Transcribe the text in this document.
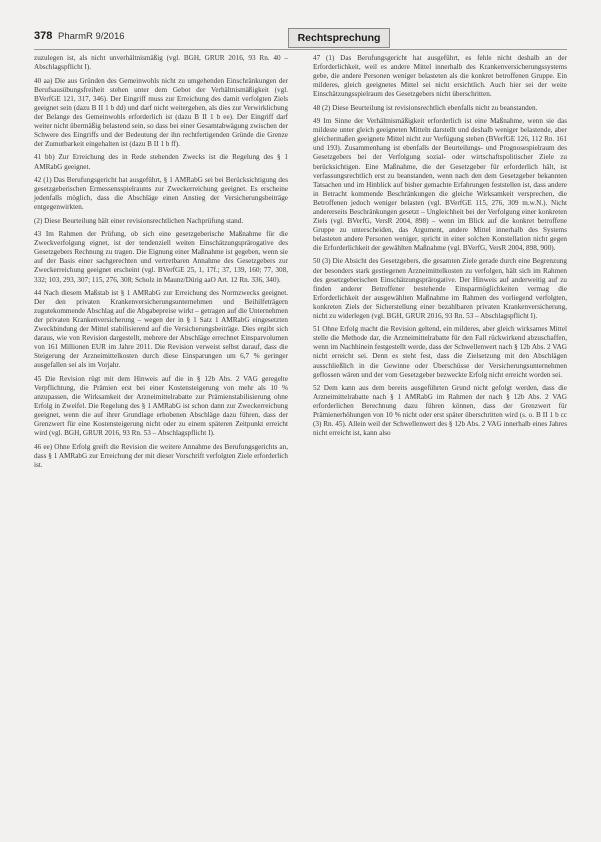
378 PharmR 9/2016	Rechtsprechung

zuzulegen ist, als nicht unverhältnismäßig (vgl. BGH, GRUR 2016, 93 Rn. 40 – Abschlagspflicht I).

40 aa) Die aus Gründen des Gemeinwohls nicht zu umgehenden Einschränkungen der Berufsausübungsfreiheit stehen unter dem Gebot der Verhältnismäßigkeit (vgl. BVerfGE 121, 317, 346). Der Eingriff muss zur Erreichung des damit verfolgten Ziels geeignet sein (dazu B II 1 b dd) und darf nicht weitergehen, als dies zur Verwirklichung der Belange des Gemeinwohls erforderlich ist (dazu B II 1 b ee). Der Eingriff darf weiter nicht übermäßig belastend sein, so dass bei einer Gesamtabwägung zwischen der Schwere des Eingriffs und der Bedeutung der ihn rechtfertigenden Gründe die Grenze der Zumutbarkeit eingehalten ist (dazu B II 1 b ff).

41 bb) Zur Erreichung des in Rede stehenden Zwecks ist die Regelung des § 1 AMRabG geeignet.

42 (1) Das Berufungsgericht hat ausgeführt, § 1 AMRabG sei bei Berücksichtigung des gesetzgeberischen Ermessensspielraums zur Zweckerreichung geeignet. Es erscheine jedenfalls möglich, dass die Abschläge einen Anstieg der Versicherungsbeiträge entgegenwirkten.

(2) Diese Beurteilung hält einer revisionsrechtlichen Nachprüfung stand.

43 Im Rahmen der Prüfung, ob sich eine gesetzgeberische Maßnahme für die Zweckverfolgung eignet, ist der tendenziell weiten Einschätzungsprärogative des Gesetzgebers Rechnung zu tragen. Die Eignung einer Maßnahme ist gegeben, wenn sie auf der Basis einer sachgerechten und vertretbaren Annahme des Gesetzgebers zur Zweckerreichung geeignet erscheint (vgl. BVerfGE 25, 1, 17f.; 37, 139, 160; 77, 308, 332; 103, 293, 307; 115, 276, 308; Scholz in Maunz/Dürig aaO Art. 12 Rn. 336, 340).

44 Nach diesem Maßstab ist § 1 AMRabG zur Erreichung des Normzwecks geeignet. Der den privaten Krankenversicherungsunternehmen und Beihilfeträgern zugutekommende Abschlag auf die Abgabepreise wirkt – getragen auf die Unternehmen der privaten Krankenversicherung – wegen der in § 1 Satz 1 AMRabG eingesetzten Zweckbindung der Mittel stabilisierend auf die Versicherungsbeiträge. Dies ergibt sich daraus, wie von Revision dargestellt, mehrere der Abschläge errechnet Einsparvolumen von 161 Millionen EUR im Jahre 2011. Die Revision verweist selbst darauf, dass die Steigerung der Arzneimittelkosten durch diese Einsparungen um 6,7 % geringer ausgefallen sei als im Vorjahr.

45 Die Revision rügt mit dem Hinweis auf die in § 12b Abs. 2 VAG geregelte Verpflichtung, die Prämien erst bei einer Kostensteigerung von mehr als 10 % anzupassen, die Wirksamkeit der Arzneimittelrabatte zur Prämienstabilisierung ohne Erfolg in Zweifel. Die Regelung des § 1 AMRabG ist schon dann zur Zweckerreichung geeignet, wenn die auf ihrer Grundlage erhobenen Abschläge dazu führen, dass der Grenzwert für eine Kostensteigerung nicht oder zu einem späteren Zeitpunkt erreicht wird (vgl. BGH, GRUR 2016, 93 Rn. 53 – Abschlagspflicht I).

46 ee) Ohne Erfolg greift die Revision die weitere Annahme des Berufungsgerichts an, dass § 1 AMRabG zur Erreichung der mit dieser Vorschrift verfolgten Ziele erforderlich ist.

47 (1) Das Berufungsgericht hat ausgeführt, es fehle nicht deshalb an der Erforderlichkeit, weil es andere Mittel innerhalb des Krankenversicherungssystems gebe, die andere Personen weniger belasteten als die konkret betroffenen Gruppe. Ein milderes, gleich geeignetes Mittel sei nicht ersichtlich. Auch hier sei der weite Einschätzungsspielraum des Gesetzgebers nicht überschritten.

48 (2) Diese Beurteilung ist revisionsrechtlich ebenfalls nicht zu beanstanden.

49 Im Sinne der Verhältnismäßigkeit erforderlich ist eine Maßnahme, wenn sie das mildeste unter gleich geeigneten Mitteln darstellt und deshalb weniger belastende, aber gleichermaßen geeignete Mittel nicht zur Verfügung stehen (BVerfGE 126, 112 Rn. 161 und 193). Zusammenhang ist ebenfalls der Beurteilungs- und Prognosespielraum des Gesetzgebers bei der Verfolgung sozial- oder wirtschaftspolitischer Ziele zu berücksichtigen. Eine Maßnahme, die der Gesetzgeber für erforderlich hält, ist verfassungsrechtlich erst zu beanstanden, wenn nach den dem Gesetzgeber bekannten Tatsachen und im Hinblick auf bisher gemachte Erfahrungen feststellen ist, dass andere in Betracht kommende Beschränkungen die gleiche Wirksamkeit versprechen, die Betroffenen jedoch weniger belasten (vgl. BVerfGE 115, 276, 309 m.w.N.). Nicht andererseits Beschränkungen gesetzt – Ungleichheit bei der Verfolgung einer konkreten Ziels (vgl. BVerfG, VersR 2004, 898) – wenn im Blick auf die konkret betroffene Gruppe zu unterscheiden, das Argument, andere Mittel innerhalb des Systems belasteten andere Personen weniger, spricht in einer solchen Konstellation nicht gegen die Erforderlichkeit der gewählten Maßnahme (vgl. BVerfG, VersR 2004, 898, 900).

50 (3) Die Absicht des Gesetzgebers, die gesamten Ziele gerade durch eine Begrenzung der besonders stark gestiegenen Arzneimittelkosten zu verfolgen, hält sich im Rahmen des gesetzgeberischen Einschätzungsprärogative. Der Hinweis auf anderweitig auf zu finden anderer Betroffener bestehende Einsparmöglichkeiten vermag die Erforderlichkeit der ausgewählten Maßnahme im Rahmen des vorliegend verfolgten, konkreten Ziels der Sicherstellung einer bezahlbaren privaten Krankenversicherung, nicht zu widerlegen (vgl. BGH, GRUR 2016, 93 Rn. 53 – Abschlagspflicht I).

51 Ohne Erfolg macht die Revision geltend, ein milderes, aber gleich wirksames Mittel stelle die Methode dar, die Arzneimittelrabatte für den Fall rückwirkend abzuschaffen, wenn im Nachhinein festgestellt werde, dass der Schwellenwert nach § 12b Abs. 2 VAG nicht erreicht sei. Denn es steht fest, dass die Zielsetzung mit den Abschlägen ausschließlich in die Gewinne oder Überschüsse der Versicherungsunternehmen geflossen wären und der vom Gesetzgeber bezweckte Erfolg nicht erreicht worden sei.

52 Dem kann aus dem bereits ausgeführten Grund nicht gefolgt werden, dass die Arzneimittelrabatte nach § 1 AMRabG im Rahmen der nach § 12b Abs. 2 VAG erforderlichen Berechnung dazu führen können, dass der Grenzwert für Prämienerhöhungen von 10 % nicht oder erst später überschritten wird (s. o. B II 1 b cc (3) Rn. 45). Allein weil der Schwellenwert des § 12b Abs. 2 VAG innerhalb eines Jahres nicht erreicht ist, kann also
